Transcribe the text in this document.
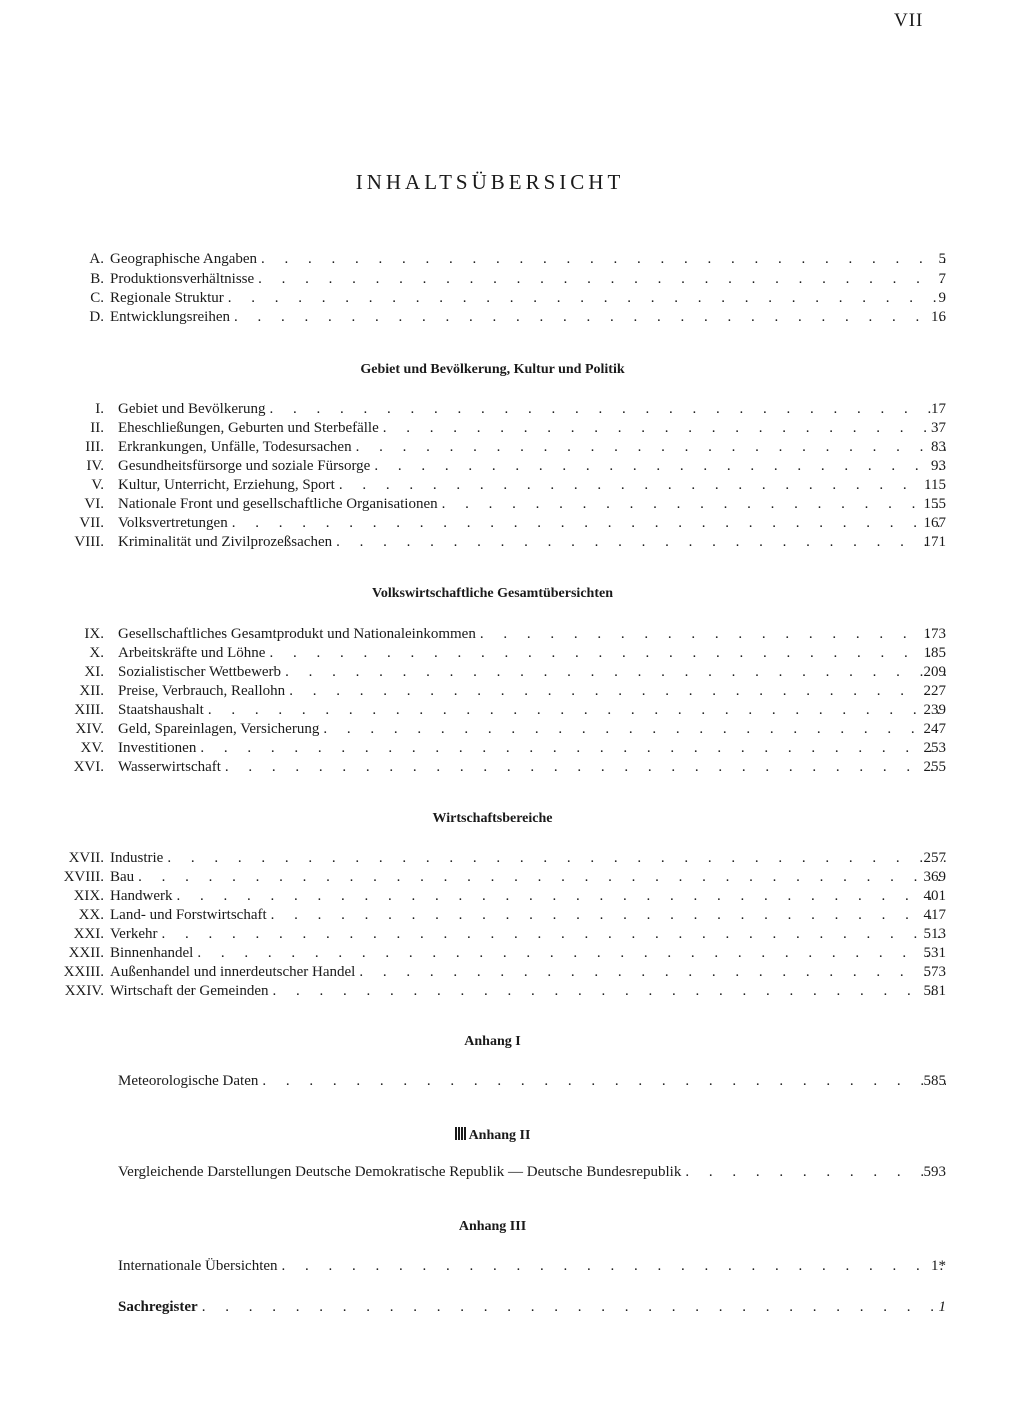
VII
INHALTSÜBERSICHT
A. Geographische Angaben . . .	5
B. Produktionsverhältnisse . . .	7
C. Regionale Struktur . . .	9
D. Entwicklungsreihen . . .	16
Gebiet und Bevölkerung, Kultur und Politik
I. Gebiet und Bevölkerung . . .	17
II. Eheschließungen, Geburten und Sterbefälle . . .	37
III. Erkrankungen, Unfälle, Todesursachen . . .	83
IV. Gesundheitsfürsorge und soziale Fürsorge . . .	93
V. Kultur, Unterricht, Erziehung, Sport . . .	115
VI. Nationale Front und gesellschaftliche Organisationen . . .	155
VII. Volksvertretungen . . .	167
VIII. Kriminalität und Zivilprozeßsachen . . .	171
Volkswirtschaftliche Gesamtübersichten
IX. Gesellschaftliches Gesamtprodukt und Nationaleinkommen . . .	173
X. Arbeitskräfte und Löhne . . .	185
XI. Sozialistischer Wettbewerb . . .	209
XII. Preise, Verbrauch, Reallohn . . .	227
XIII. Staatshaushalt . . .	239
XIV. Geld, Spareinlagen, Versicherung . . .	247
XV. Investitionen . . .	253
XVI. Wasserwirtschaft . . .	255
Wirtschaftsbereiche
XVII. Industrie . . .	257
XVIII. Bau . . .	369
XIX. Handwerk . . .	401
XX. Land- und Forstwirtschaft . . .	417
XXI. Verkehr . . .	513
XXII. Binnenhandel . . .	531
XXIII. Außenhandel und innerdeutscher Handel . . .	573
XXIV. Wirtschaft der Gemeinden . . .	581
Anhang I
Meteorologische Daten . . .	585
Anhang II
Vergleichende Darstellungen Deutsche Demokratische Republik — Deutsche Bundesrepublik . . .	593
Anhang III
Internationale Übersichten . . .	1*
Sachregister . . .	1
